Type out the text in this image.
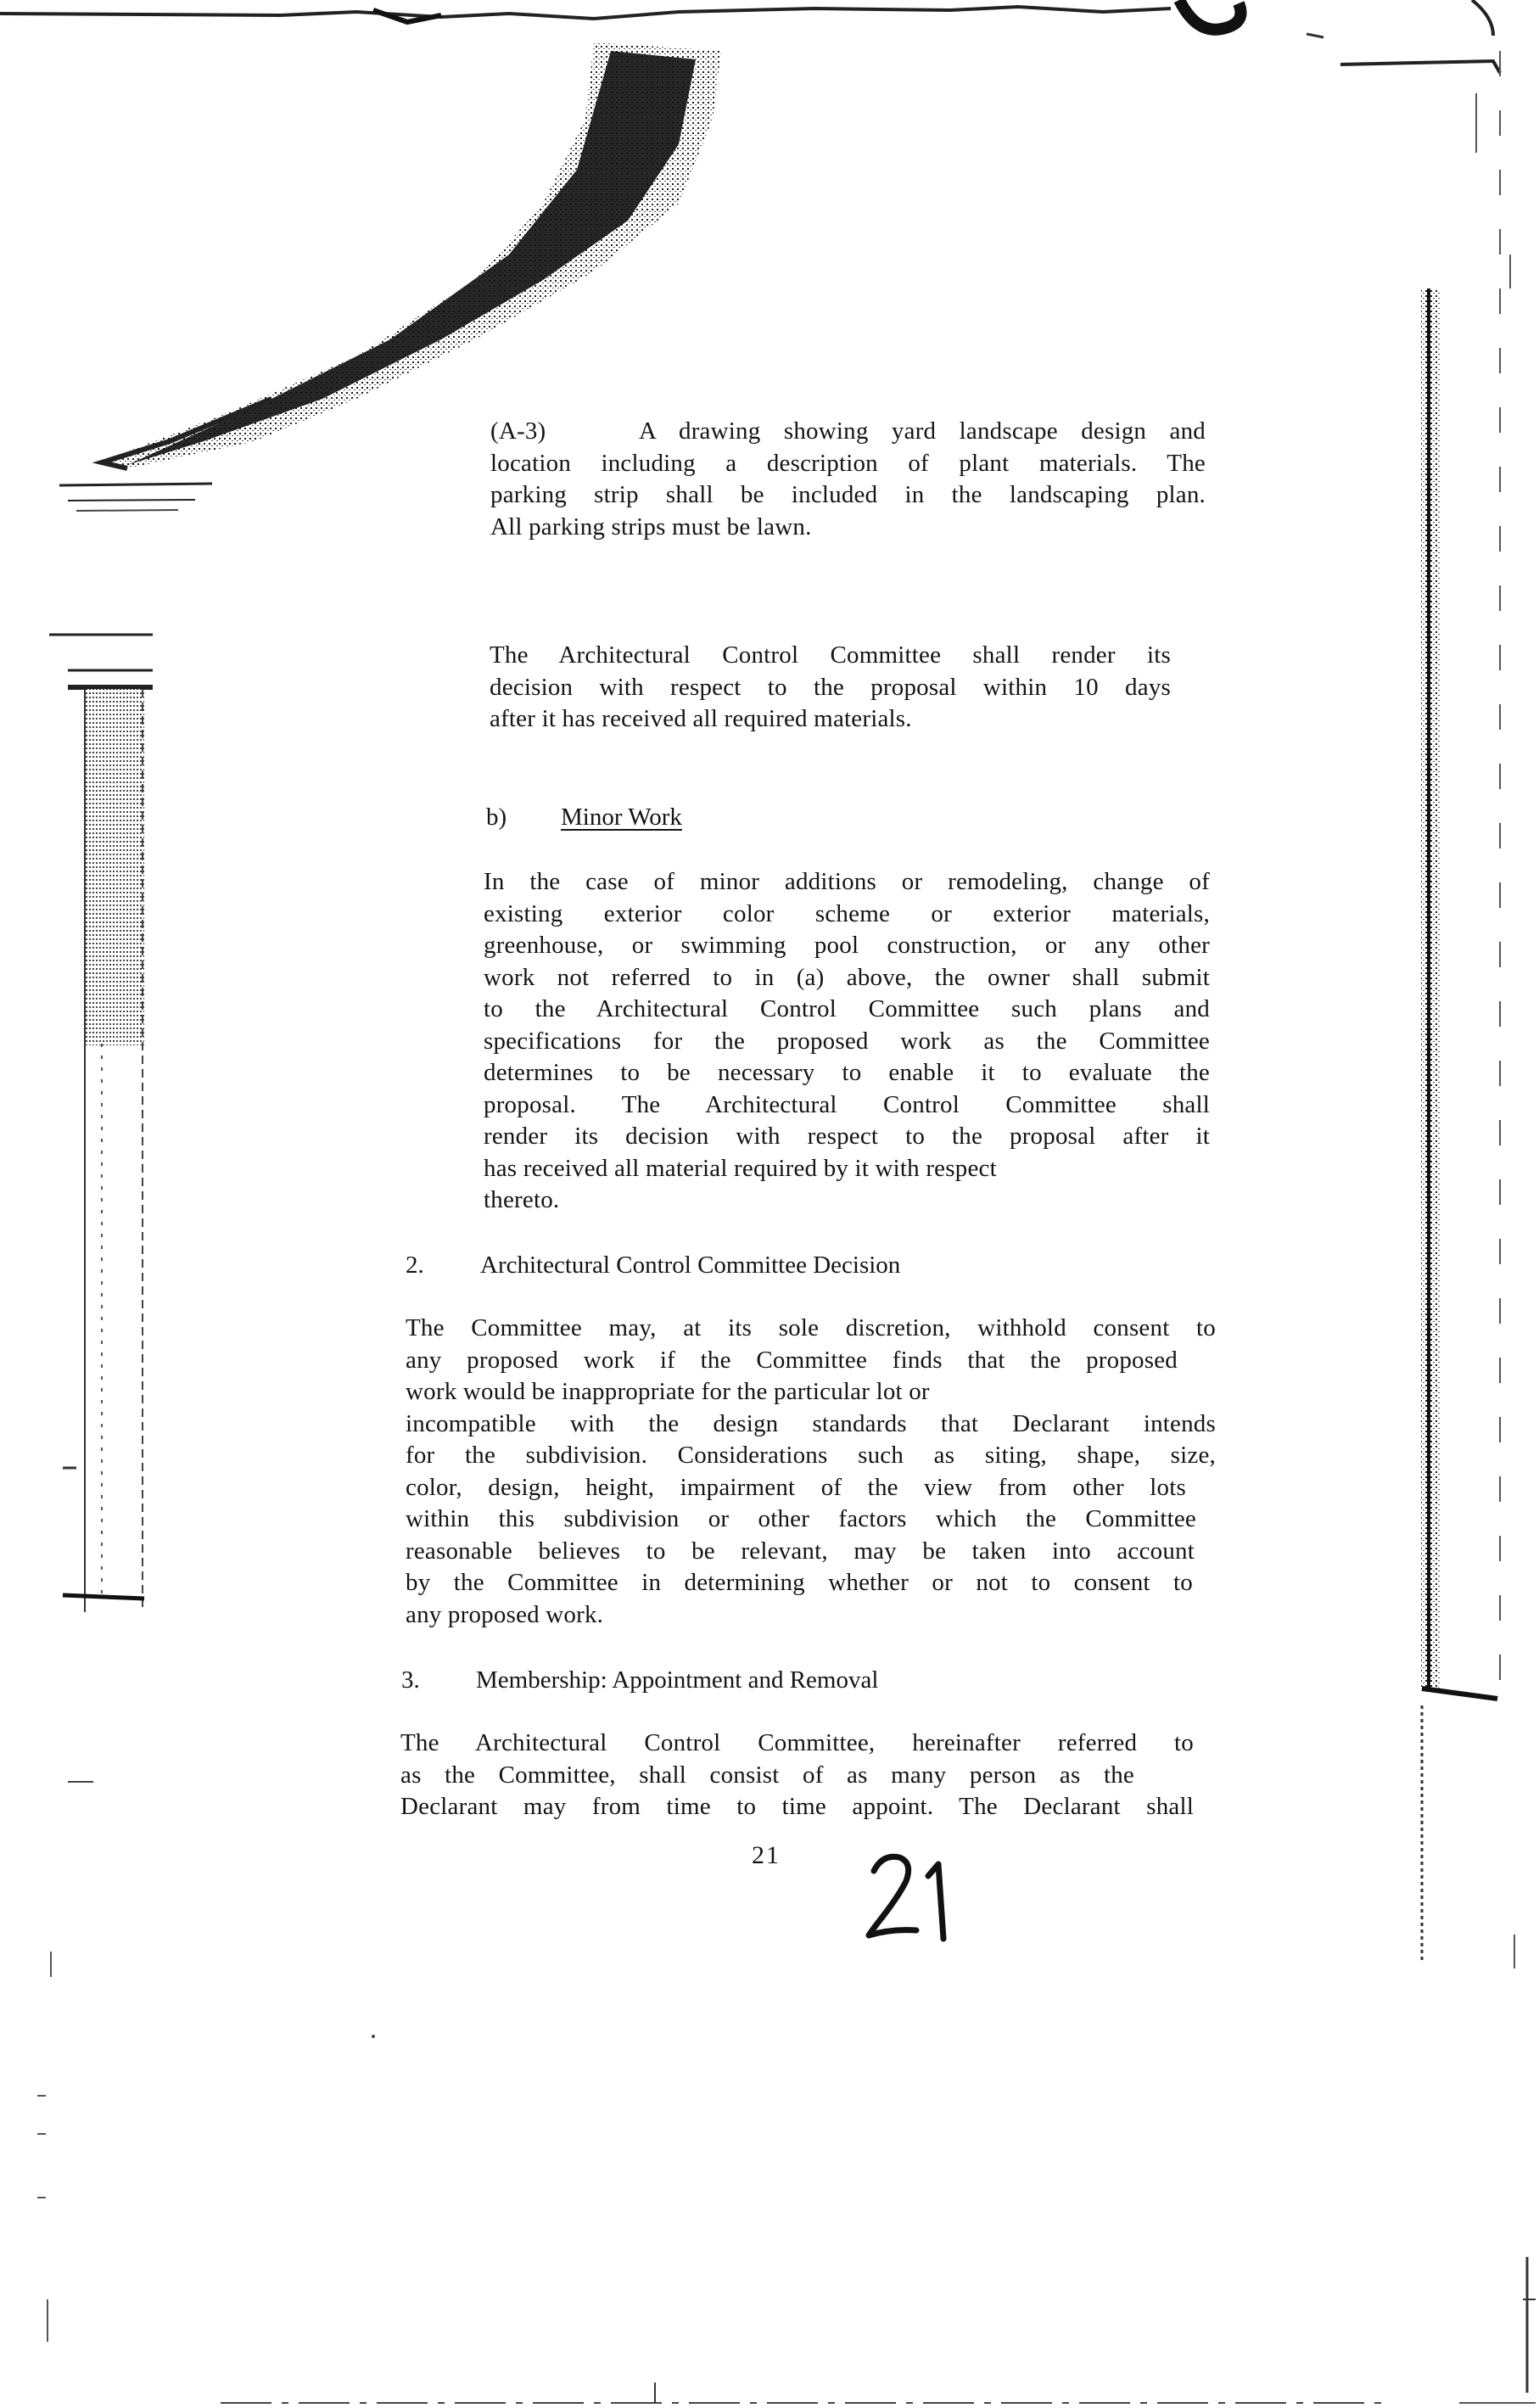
(A-3)	A drawing showing yard landscape design and
location including a description of plant materials. The
parking strip shall be included in the landscaping plan.
All parking strips must be lawn.
The Architectural Control Committee shall render its
decision with respect to the proposal within 10 days
after it has received all required materials.
b) Minor Work
In the case of minor additions or remodeling, change of
existing exterior color scheme or exterior materials,
greenhouse, or swimming pool construction, or any other
work not referred to in (a) above, the owner shall submit
to the Architectural Control Committee such plans and
specifications for the proposed work as the Committee
determines to be necessary to enable it to evaluate the
proposal. The Architectural Control Committee shall
render its decision with respect to the proposal after it
has received all material required by it with respect
thereto.
2. Architectural Control Committee Decision
The Committee may, at its sole discretion, withhold consent to
any proposed work if the Committee finds that the proposed
work would be inappropriate for the particular lot or
incompatible with the design standards that Declarant intends
for the subdivision. Considerations such as siting, shape, size,
color, design, height, impairment of the view from other lots
within this subdivision or other factors which the Committee
reasonable believes to be relevant, may be taken into account
by the Committee in determining whether or not to consent to
any proposed work.
3. Membership: Appointment and Removal
The Architectural Control Committee, hereinafter referred to
as the Committee, shall consist of as many person as the
Declarant may from time to time appoint. The Declarant shall
21
